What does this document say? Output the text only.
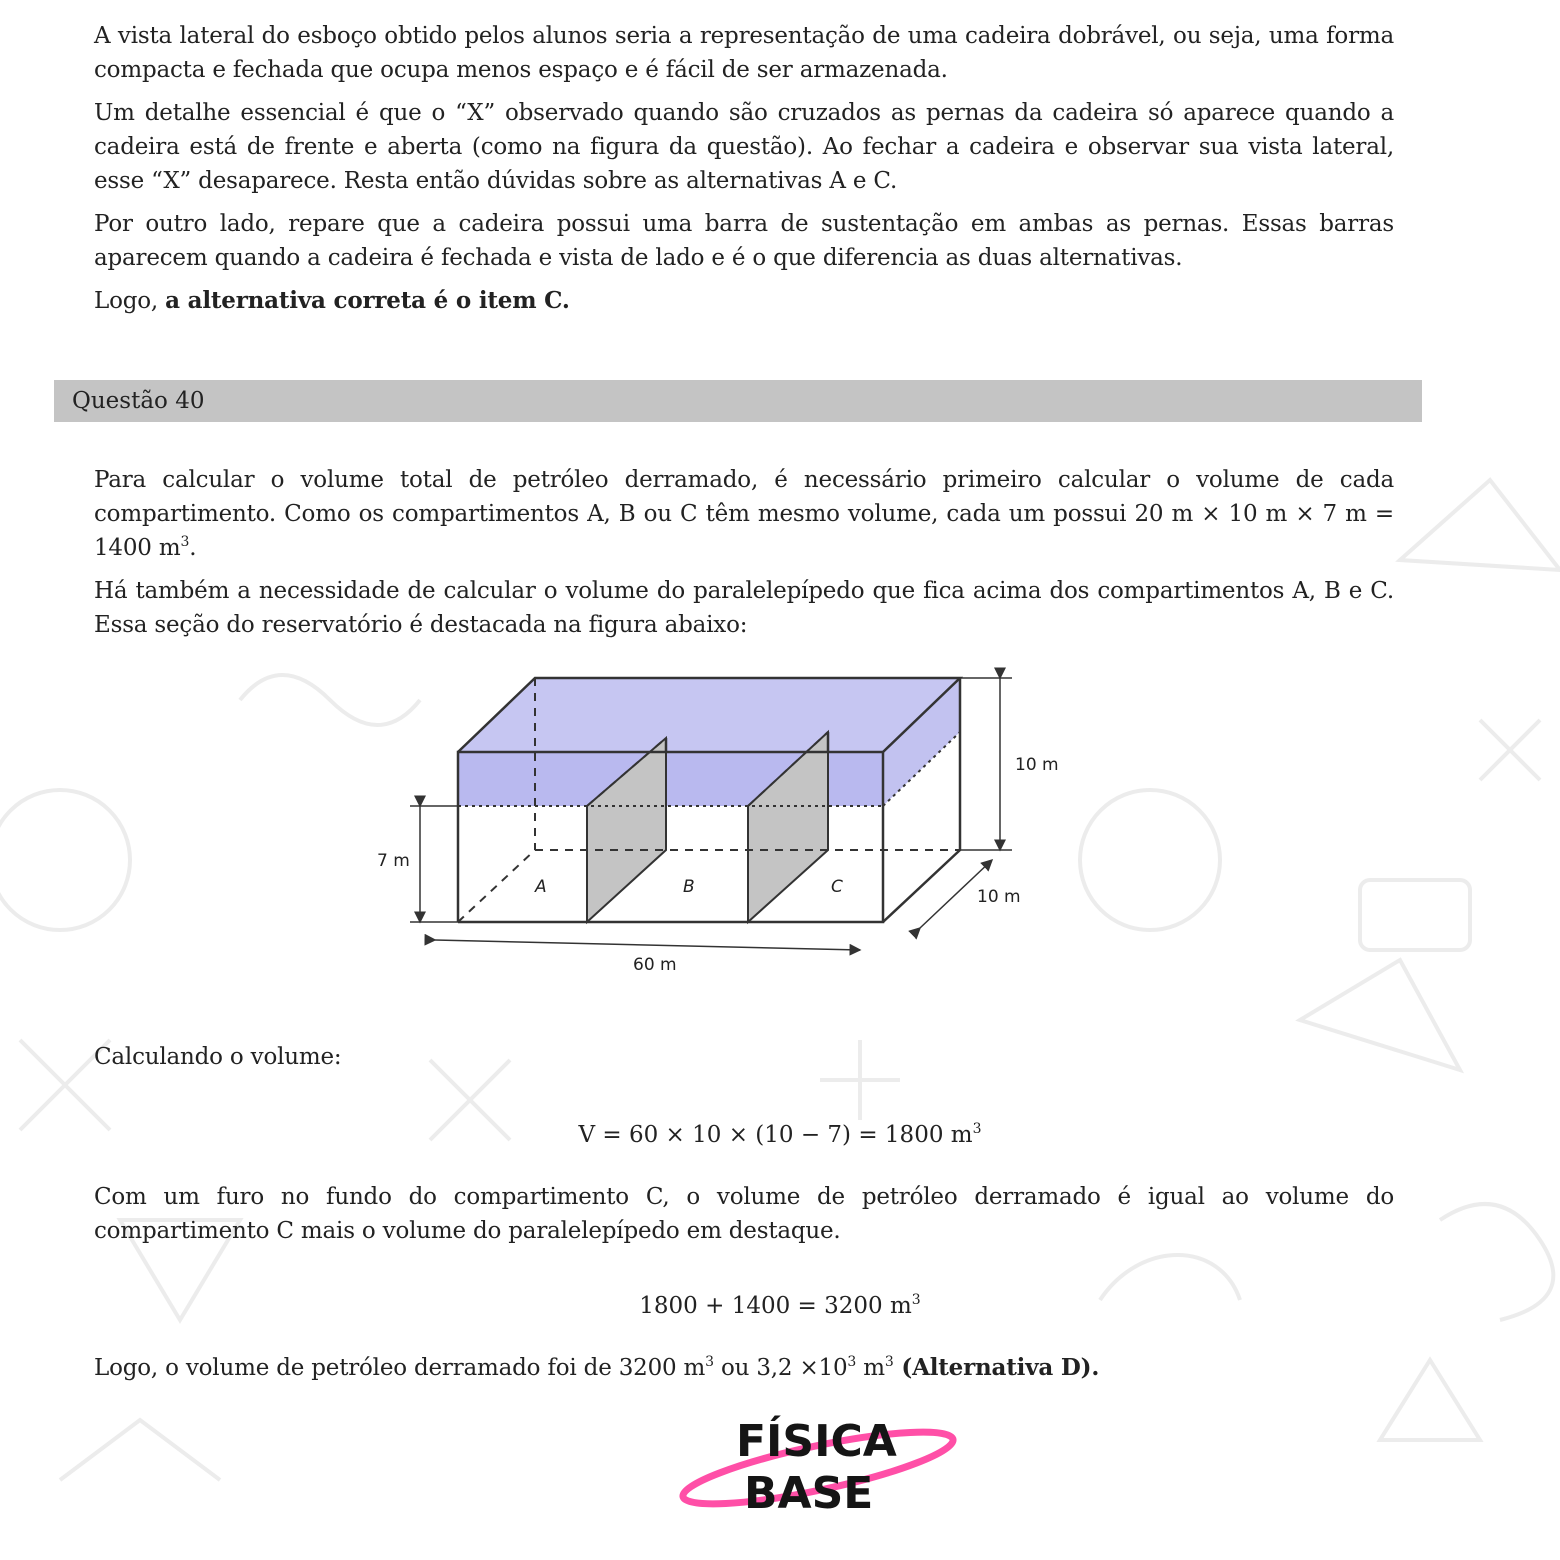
A vista lateral do esboço obtido pelos alunos seria a representação de uma cadeira dobrável, ou seja, uma forma compacta e fechada que ocupa menos espaço e é fácil de ser armazenada.

Um detalhe essencial é que o “X” observado quando são cruzados as pernas da cadeira só aparece quando a cadeira está de frente e aberta (como na figura da questão). Ao fechar a cadeira e observar sua vista lateral, esse “X” desaparece. Resta então dúvidas sobre as alternativas A e C.

Por outro lado, repare que a cadeira possui uma barra de sustentação em ambas as pernas. Essas barras aparecem quando a cadeira é fechada e vista de lado e é o que diferencia as duas alternativas.

Logo, a alternativa correta é o item C.

Questão 40

Para calcular o volume total de petróleo derramado, é necessário primeiro calcular o volume de cada compartimento. Como os compartimentos A, B ou C têm mesmo volume, cada um possui 20 m × 10 m × 7 m = 1400 $m^3$.

Há também a necessidade de calcular o volume do paralelepípedo que fica acima dos compartimentos A, B e C. Essa seção do reservatório é destacada na figura abaixo:

10 m
10 m
7 m
60 m
A	B	C

Calculando o volume:

V = 60 × 10 × (10 − 7) = 1800 $m^3$

Com um furo no fundo do compartimento C, o volume de petróleo derramado é igual ao volume do compartimento C mais o volume do paralelepípedo em destaque.

1800 + 1400 = 3200 $m^3$

Logo, o volume de petróleo derramado foi de 3200 $m^3$ ou $3,2 \times 10^3$ $m^3$ (Alternativa D).

FÍSICA
BASE
